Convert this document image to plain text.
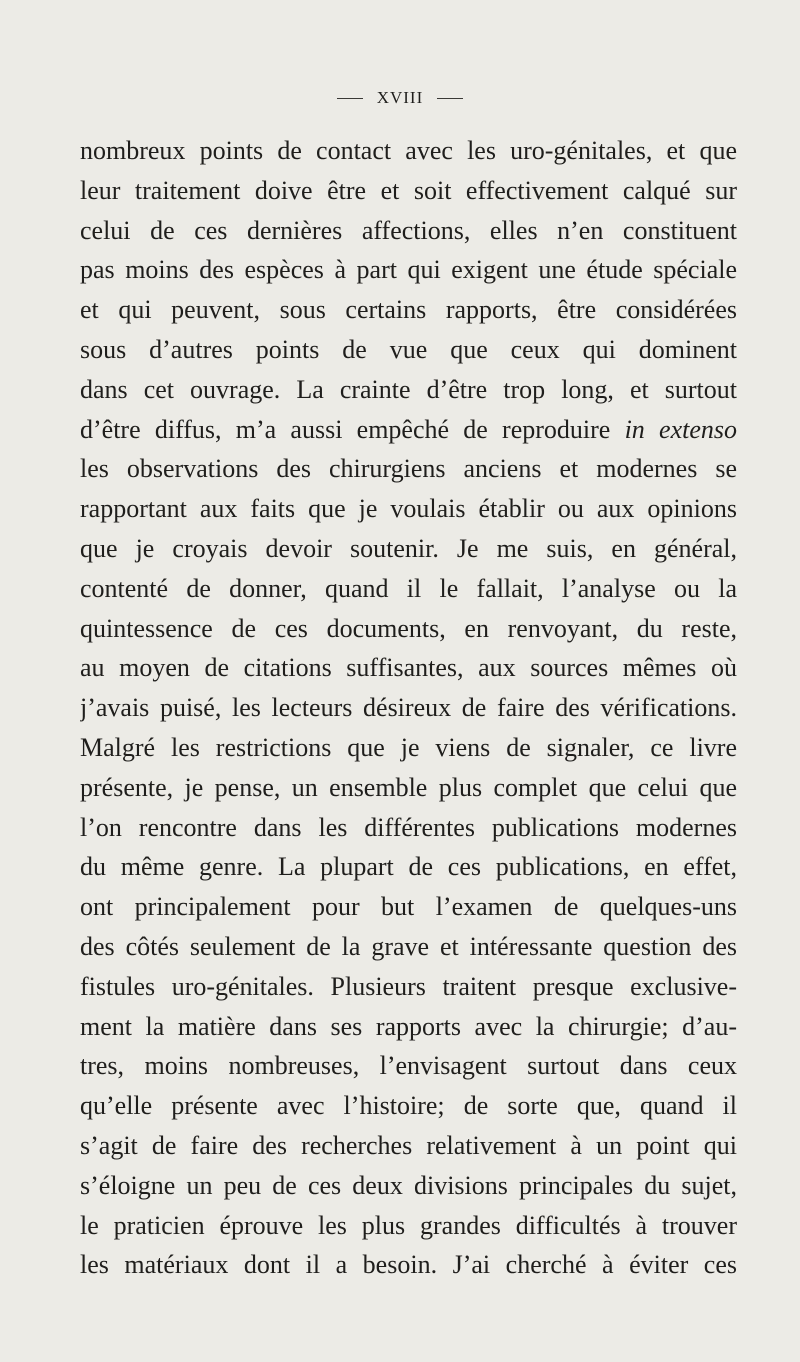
XVIII
nombreux points de contact avec les uro-génitales, et que
leur traitement doive être et soit effectivement calqué sur
celui de ces dernières affections, elles n’en constituent
pas moins des espèces à part qui exigent une étude spéciale
et qui peuvent, sous certains rapports, être considérées
sous d’autres points de vue que ceux qui dominent
dans cet ouvrage. La crainte d’être trop long, et surtout
d’être diffus, m’a aussi empêché de reproduire in extenso
les observations des chirurgiens anciens et modernes se
rapportant aux faits que je voulais établir ou aux opinions
que je croyais devoir soutenir. Je me suis, en général,
contenté de donner, quand il le fallait, l’analyse ou la
quintessence de ces documents, en renvoyant, du reste,
au moyen de citations suffisantes, aux sources mêmes où
j’avais puisé, les lecteurs désireux de faire des vérifications.
Malgré les restrictions que je viens de signaler, ce livre
présente, je pense, un ensemble plus complet que celui que
l’on rencontre dans les différentes publications modernes
du même genre. La plupart de ces publications, en effet,
ont principalement pour but l’examen de quelques-uns
des côtés seulement de la grave et intéressante question des
fistules uro-génitales. Plusieurs traitent presque exclusive-
ment la matière dans ses rapports avec la chirurgie; d’au-
tres, moins nombreuses, l’envisagent surtout dans ceux
qu’elle présente avec l’histoire; de sorte que, quand il
s’agit de faire des recherches relativement à un point qui
s’éloigne un peu de ces deux divisions principales du sujet,
le praticien éprouve les plus grandes difficultés à trouver
les matériaux dont il a besoin. J’ai cherché à éviter ces
